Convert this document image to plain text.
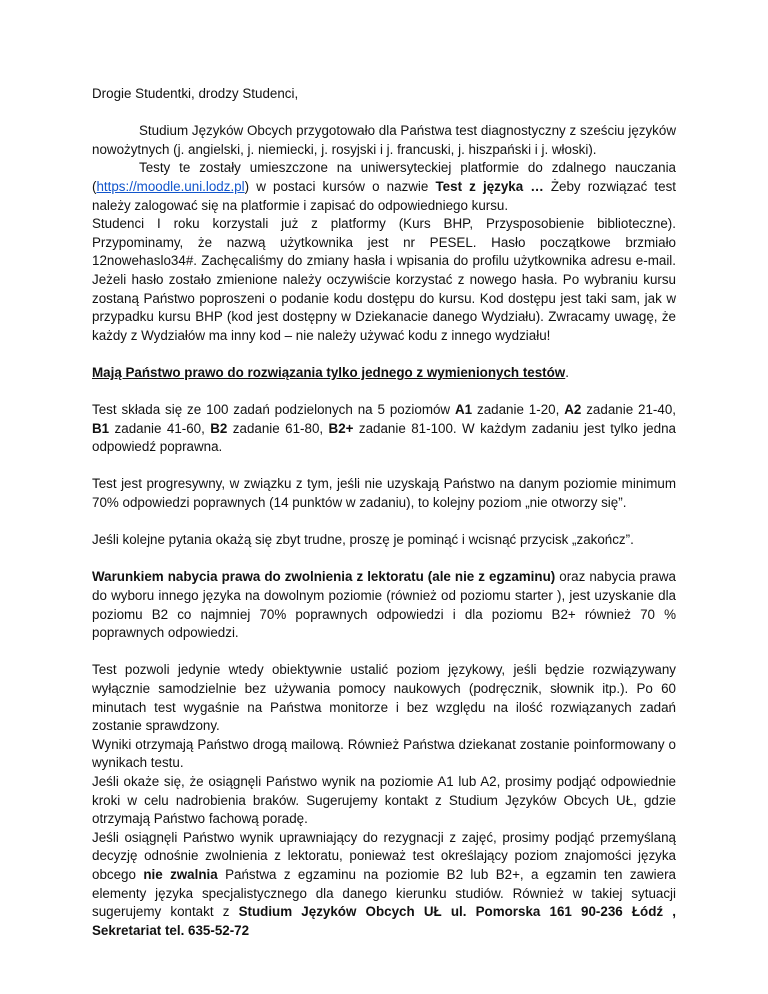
Drogie Studentki, drodzy Studenci,

Studium Języków Obcych przygotowało dla Państwa test diagnostyczny z sześciu języków nowożytnych (j. angielski, j. niemiecki, j. rosyjski i j. francuski, j. hiszpański i j. włoski).

Testy te zostały umieszczone na uniwersyteckiej platformie do zdalnego nauczania (https://moodle.uni.lodz.pl) w postaci kursów o nazwie Test z języka … Żeby rozwiązać test należy zalogować się na platformie i zapisać do odpowiedniego kursu.

Studenci I roku korzystali już z platformy (Kurs BHP, Przysposobienie biblioteczne). Przypominamy, że nazwą użytkownika jest nr PESEL. Hasło początkowe brzmiało 12nowehaslo34#. Zachęcaliśmy do zmiany hasła i wpisania do profilu użytkownika adresu e-mail. Jeżeli hasło zostało zmienione należy oczywiście korzystać z nowego hasła. Po wybraniu kursu zostaną Państwo poproszeni o podanie kodu dostępu do kursu. Kod dostępu jest taki sam, jak w przypadku kursu BHP (kod jest dostępny w Dziekanacie danego Wydziału). Zwracamy uwagę, że każdy z Wydziałów ma inny kod – nie należy używać kodu z innego wydziału!

Mają Państwo prawo do rozwiązania tylko jednego z wymienionych testów.

Test składa się ze 100 zadań podzielonych na 5 poziomów A1 zadanie 1-20, A2 zadanie 21-40, B1 zadanie 41-60, B2 zadanie 61-80, B2+ zadanie 81-100. W każdym zadaniu jest tylko jedna odpowiedź poprawna.

Test jest progresywny, w związku z tym, jeśli nie uzyskają Państwo na danym poziomie minimum 70% odpowiedzi poprawnych (14 punktów w zadaniu), to kolejny poziom „nie otworzy się”.

Jeśli kolejne pytania okażą się zbyt trudne, proszę je pominąć i wcisnąć przycisk „zakończ”.

Warunkiem nabycia prawa do zwolnienia z lektoratu (ale nie z egzaminu) oraz nabycia prawa do wyboru innego języka na dowolnym poziomie (również od poziomu starter ), jest uzyskanie dla poziomu B2 co najmniej 70% poprawnych odpowiedzi i dla poziomu B2+ również 70 % poprawnych odpowiedzi.

Test pozwoli jedynie wtedy obiektywnie ustalić poziom językowy, jeśli będzie rozwiązywany wyłącznie samodzielnie bez używania pomocy naukowych (podręcznik, słownik itp.). Po 60 minutach test wygaśnie na Państwa monitorze i bez względu na ilość rozwiązanych zadań zostanie sprawdzony.

Wyniki otrzymają Państwo drogą mailową. Również Państwa dziekanat zostanie poinformowany o wynikach testu.

Jeśli okaże się, że osiągnęli Państwo wynik na poziomie A1 lub A2, prosimy podjąć odpowiednie kroki w celu nadrobienia braków. Sugerujemy kontakt z Studium Języków Obcych UŁ, gdzie otrzymają Państwo fachową poradę.

Jeśli osiągnęli Państwo wynik uprawniający do rezygnacji z zajęć, prosimy podjąć przemyślaną decyzję odnośnie zwolnienia z lektoratu, ponieważ test określający poziom znajomości języka obcego nie zwalnia Państwa z egzaminu na poziomie B2 lub B2+, a egzamin ten zawiera elementy języka specjalistycznego dla danego kierunku studiów. Również w takiej sytuacji sugerujemy kontakt z Studium Języków Obcych UŁ ul. Pomorska 161 90-236 Łódź , Sekretariat tel. 635-52-72
